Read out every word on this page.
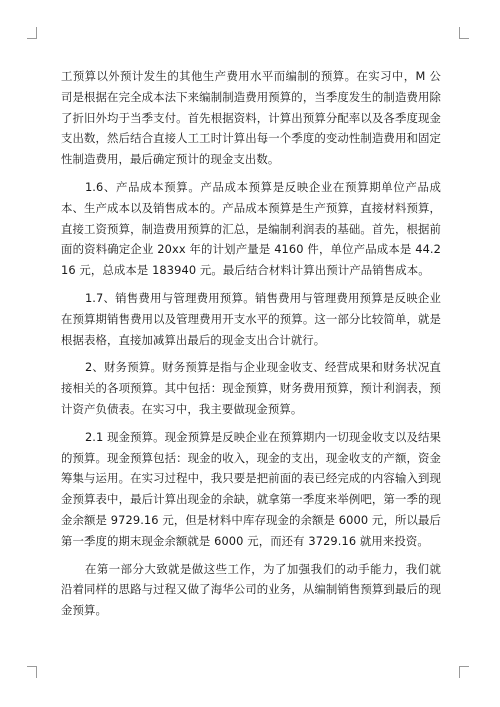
工预算以外预计发生的其他生产费用水平而编制的预算。在实习中，M 公司是根据在完全成本法下来编制制造费用预算的，当季度发生的制造费用除了折旧外均于当季支付。首先根据资料，计算出预算分配率以及各季度现金支出数，然后结合直接人工工时计算出每一个季度的变动性制造费用和固定性制造费用，最后确定预计的现金支出数。

1.6、产品成本预算。产品成本预算是反映企业在预算期单位产品成本、生产成本以及销售成本的。产品成本预算是生产预算，直接材料预算，直接工资预算，制造费用预算的汇总，是编制利润表的基础。首先，根据前面的资料确定企业 20xx 年的计划产量是 4160 件，单位产品成本是 44.216 元，总成本是 183940 元。最后结合材料计算出预计产品销售成本。

1.7、销售费用与管理费用预算。销售费用与管理费用预算是反映企业在预算期销售费用以及管理费用开支水平的预算。这一部分比较简单，就是根据表格，直接加减算出最后的现金支出合计就行。

2、财务预算。财务预算是指与企业现金收支、经营成果和财务状况直接相关的各项预算。其中包括：现金预算，财务费用预算，预计利润表，预计资产负债表。在实习中，我主要做现金预算。

2.1 现金预算。现金预算是反映企业在预算期内一切现金收支以及结果的预算。现金预算包括：现金的收入，现金的支出，现金收支的产额，资金筹集与运用。在实习过程中，我只要是把前面的表已经完成的内容输入到现金预算表中，最后计算出现金的余缺，就拿第一季度来举例吧，第一季的现金余额是 9729.16 元，但是材料中库存现金的余额是 6000 元，所以最后第一季度的期末现金余额就是 6000 元，而还有 3729.16 就用来投资。

在第一部分大致就是做这些工作，为了加强我们的动手能力，我们就沿着同样的思路与过程又做了海华公司的业务，从编制销售预算到最后的现金预算。
